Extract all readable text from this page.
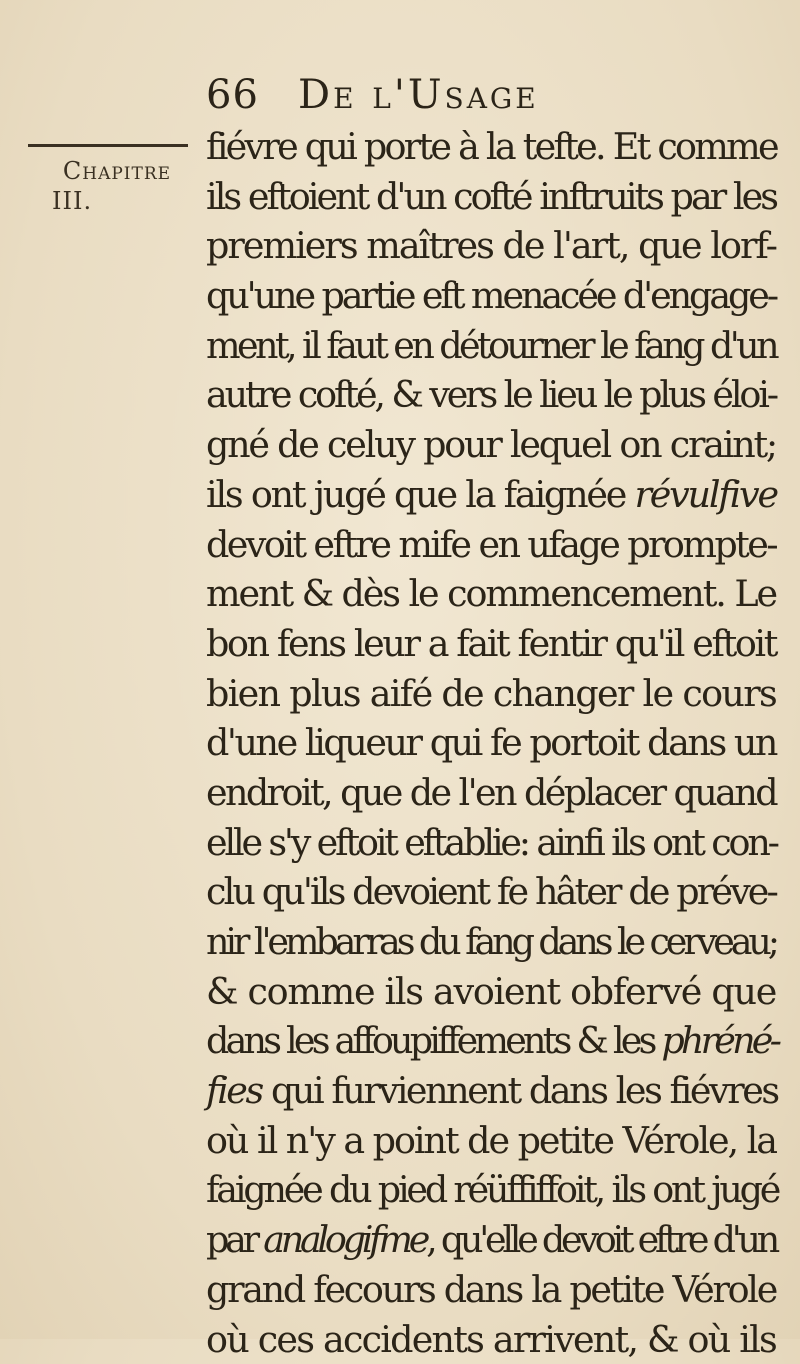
66 De l'Usage
Chapitre
III.
fiévre qui porte à la tefte. Et comme
ils eftoient d'un cofté inftruits par les
premiers maîtres de l'art, que lorf-
qu'une partie eft menacée d'engage-
ment, il faut en détourner le fang d'un
autre cofté, & vers le lieu le plus éloi-
gné de celuy pour lequel on craint;
ils ont jugé que la faignée révulfive
devoit eftre mife en ufage prompte-
ment & dès le commencement. Le
bon fens leur a fait fentir qu'il eftoit
bien plus aifé de changer le cours
d'une liqueur qui fe portoit dans un
endroit, que de l'en déplacer quand
elle s'y eftoit eftablie: ainfi ils ont con-
clu qu'ils devoient fe hâter de préve-
nir l'embarras du fang dans le cerveau;
& comme ils avoient obfervé que
dans les affoupiffements & les phréné-
fies qui furviennent dans les fiévres
où il n'y a point de petite Vérole, la
faignée du pied réüffiffoit, ils ont jugé
par analogifme, qu'elle devoit eftre d'un
grand fecours dans la petite Vérole
où ces accidents arrivent, & où ils
